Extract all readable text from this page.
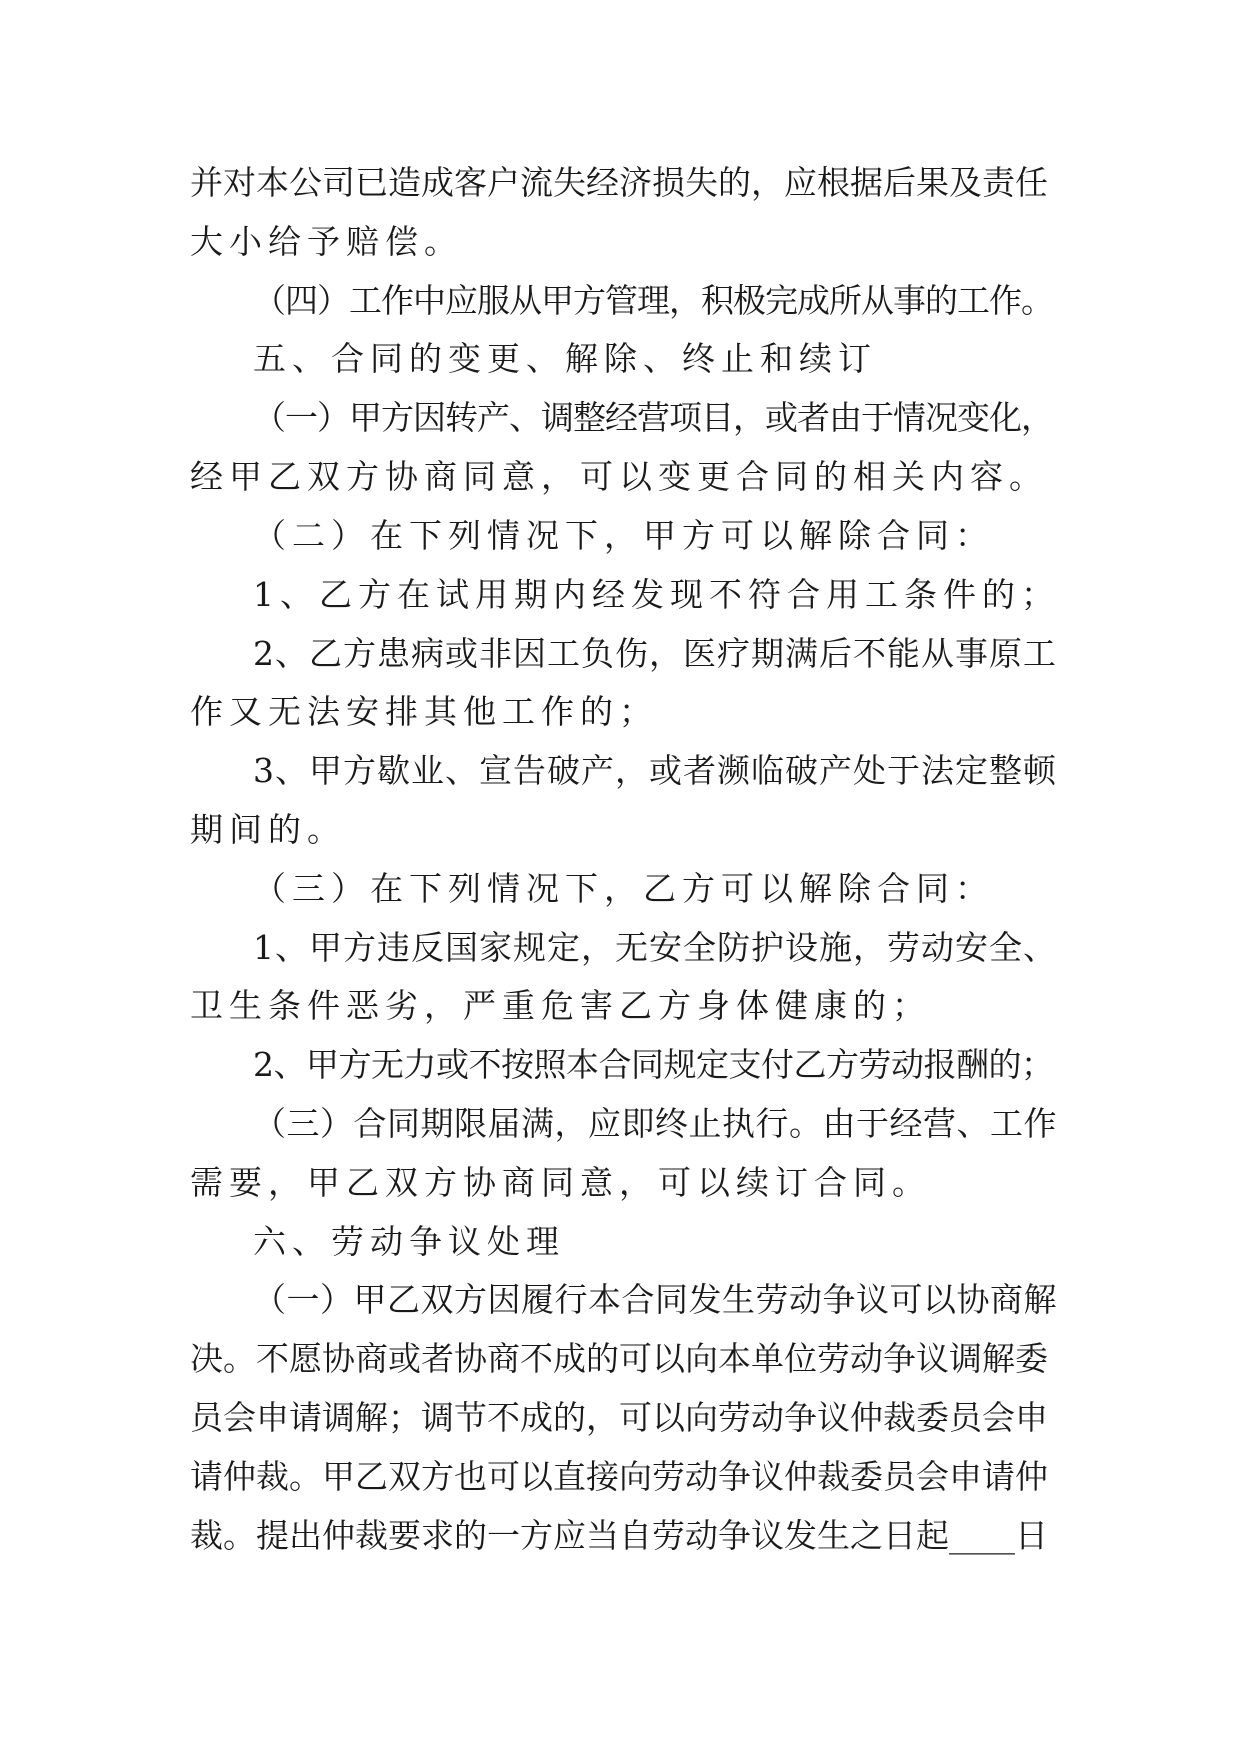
并对本公司已造成客户流失经济损失的，应根据后果及责任
大小给予赔偿。
（四）工作中应服从甲方管理，积极完成所从事的工作。
五、合同的变更、解除、终止和续订
（一）甲方因转产、调整经营项目，或者由于情况变化，
经甲乙双方协商同意，可以变更合同的相关内容。
（二）在下列情况下，甲方可以解除合同：
1、乙方在试用期内经发现不符合用工条件的；
2、乙方患病或非因工负伤，医疗期满后不能从事原工
作又无法安排其他工作的；
3、甲方歇业、宣告破产，或者濒临破产处于法定整顿
期间的。
（三）在下列情况下，乙方可以解除合同：
1、甲方违反国家规定，无安全防护设施，劳动安全、
卫生条件恶劣，严重危害乙方身体健康的；
2、甲方无力或不按照本合同规定支付乙方劳动报酬的；
（三）合同期限届满，应即终止执行。由于经营、工作
需要，甲乙双方协商同意，可以续订合同。
六、劳动争议处理
（一）甲乙双方因履行本合同发生劳动争议可以协商解
决。不愿协商或者协商不成的可以向本单位劳动争议调解委
员会申请调解；调节不成的，可以向劳动争议仲裁委员会申
请仲裁。甲乙双方也可以直接向劳动争议仲裁委员会申请仲
裁。提出仲裁要求的一方应当自劳动争议发生之日起____日
